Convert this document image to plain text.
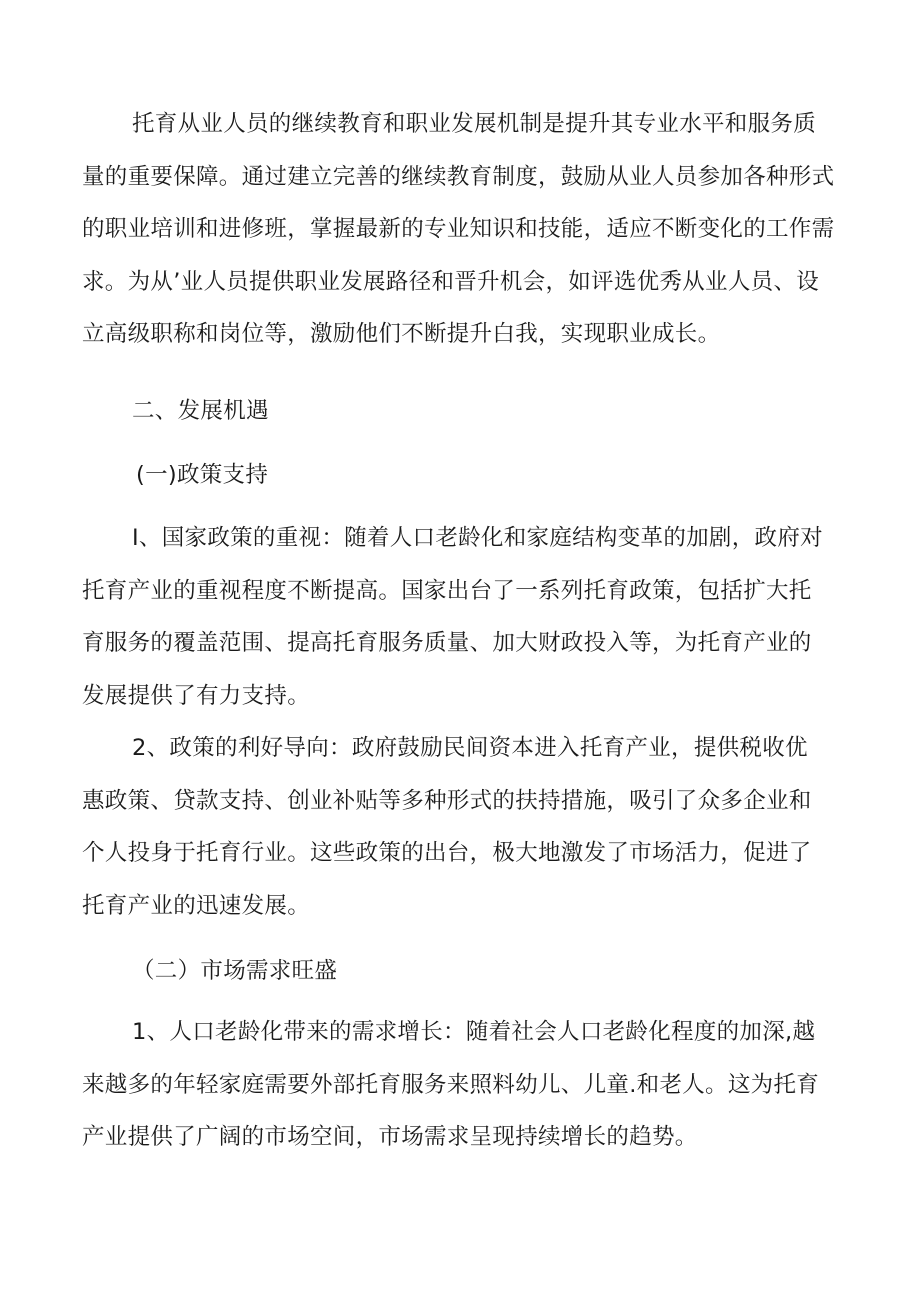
托育从业人员的继续教育和职业发展机制是提升其专业水平和服务质
量的重要保障。通过建立完善的继续教育制度，鼓励从业人员参加各种形式
的职业培训和进修班，掌握最新的专业知识和技能，适应不断变化的工作需
求。为从’业人员提供职业发展路径和晋升机会，如评选优秀从业人员、设
立高级职称和岗位等，激励他们不断提升白我，实现职业成长。
二、发展机遇
(一)政策支持
I、国家政策的重视：随着人口老龄化和家庭结构变革的加剧，政府对
托育产业的重视程度不断提高。国家出台了一系列托育政策，包括扩大托
育服务的覆盖范围、提高托育服务质量、加大财政投入等，为托育产业的
发展提供了有力支持。
2、政策的利好导向：政府鼓励民间资本进入托育产业，提供税收优
惠政策、贷款支持、创业补贴等多种形式的扶持措施，吸引了众多企业和
个人投身于托育行业。这些政策的出台，极大地激发了市场活力，促进了
托育产业的迅速发展。
（二）市场需求旺盛
1、人口老龄化带来的需求增长：随着社会人口老龄化程度的加深,越
来越多的年轻家庭需要外部托育服务来照料幼儿、儿童.和老人。这为托育
产业提供了广阔的市场空间，市场需求呈现持续增长的趋势。
